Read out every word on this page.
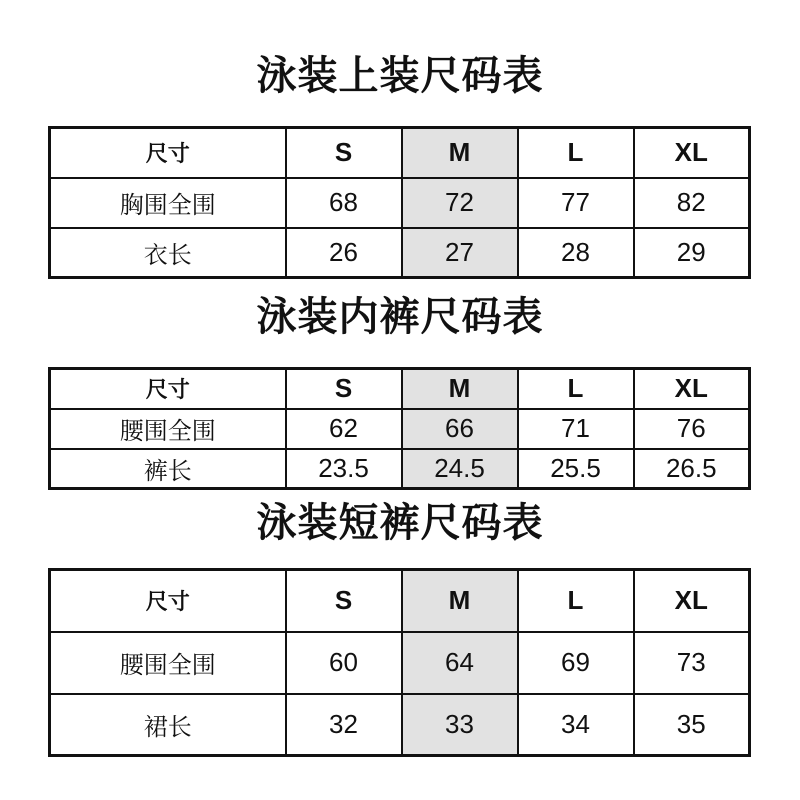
泳装上装尺码表
尺寸	S	M	L	XL
胸围全围	68	72	77	82
衣长	26	27	28	29
泳装内裤尺码表
尺寸	S	M	L	XL
腰围全围	62	66	71	76
裤长	23.5	24.5	25.5	26.5
泳装短裤尺码表
尺寸	S	M	L	XL
腰围全围	60	64	69	73
裙长	32	33	34	35
